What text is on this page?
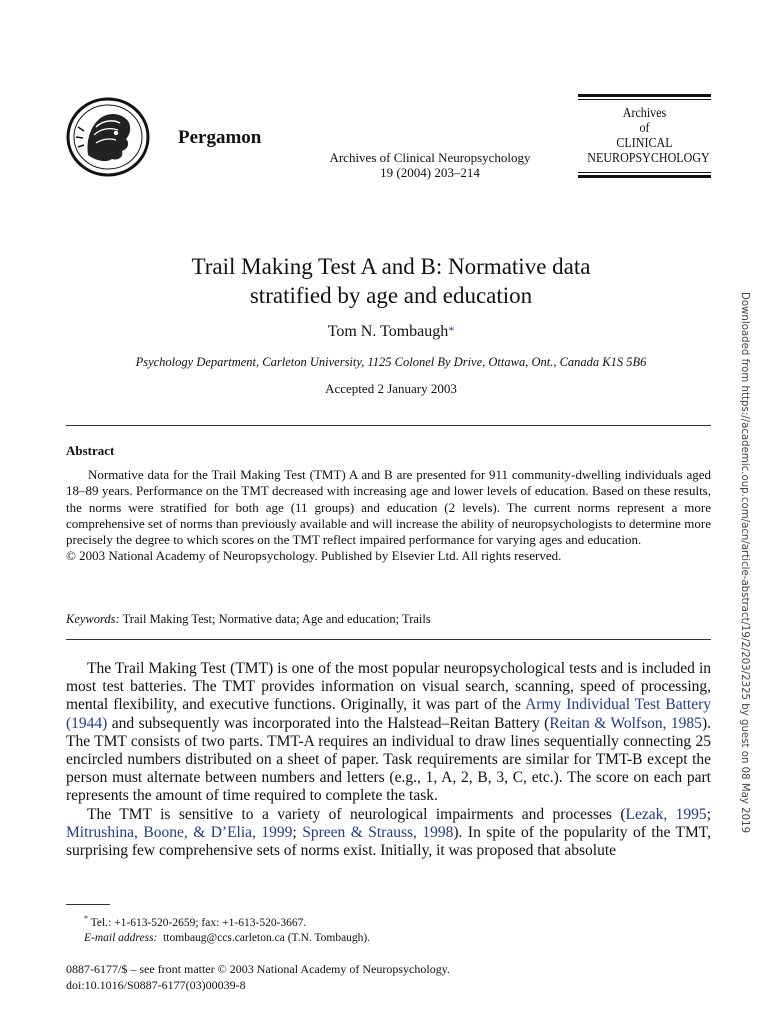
Pergamon
Archives of Clinical Neuropsychology
19 (2004) 203–214
Archives
of
CLINICAL
NEUROPSYCHOLOGY
Trail Making Test A and B: Normative data
stratified by age and education
Tom N. Tombaugh*
Psychology Department, Carleton University, 1125 Colonel By Drive, Ottawa, Ont., Canada K1S 5B6
Accepted 2 January 2003
Abstract

Normative data for the Trail Making Test (TMT) A and B are presented for 911 community-dwelling individuals aged 18–89 years. Performance on the TMT decreased with increasing age and lower levels of education. Based on these results, the norms were stratified for both age (11 groups) and education (2 levels). The current norms represent a more comprehensive set of norms than previously available and will increase the ability of neuropsychologists to determine more precisely the degree to which scores on the TMT reflect impaired performance for varying ages and education.

© 2003 National Academy of Neuropsychology. Published by Elsevier Ltd. All rights reserved.

Keywords: Trail Making Test; Normative data; Age and education; Trails

The Trail Making Test (TMT) is one of the most popular neuropsychological tests and is included in most test batteries. The TMT provides information on visual search, scanning, speed of processing, mental flexibility, and executive functions. Originally, it was part of the Army Individual Test Battery (1944) and subsequently was incorporated into the Halstead–Reitan Battery (Reitan & Wolfson, 1985). The TMT consists of two parts. TMT-A requires an individual to draw lines sequentially connecting 25 encircled numbers distributed on a sheet of paper. Task requirements are similar for TMT-B except the person must alternate between numbers and letters (e.g., 1, A, 2, B, 3, C, etc.). The score on each part represents the amount of time required to complete the task.

The TMT is sensitive to a variety of neurological impairments and processes (Lezak, 1995; Mitrushina, Boone, & D’Elia, 1999; Spreen & Strauss, 1998). In spite of the popularity of the TMT, surprising few comprehensive sets of norms exist. Initially, it was proposed that absolute

* Tel.: +1-613-520-2659; fax: +1-613-520-3667.
E-mail address: ttombaug@ccs.carleton.ca (T.N. Tombaugh).
0887-6177/$ – see front matter © 2003 National Academy of Neuropsychology.
doi:10.1016/S0887-6177(03)00039-8
Downloaded from https://academic.oup.com/acn/article-abstract/19/2/203/2325 by guest on 08 May 2019
